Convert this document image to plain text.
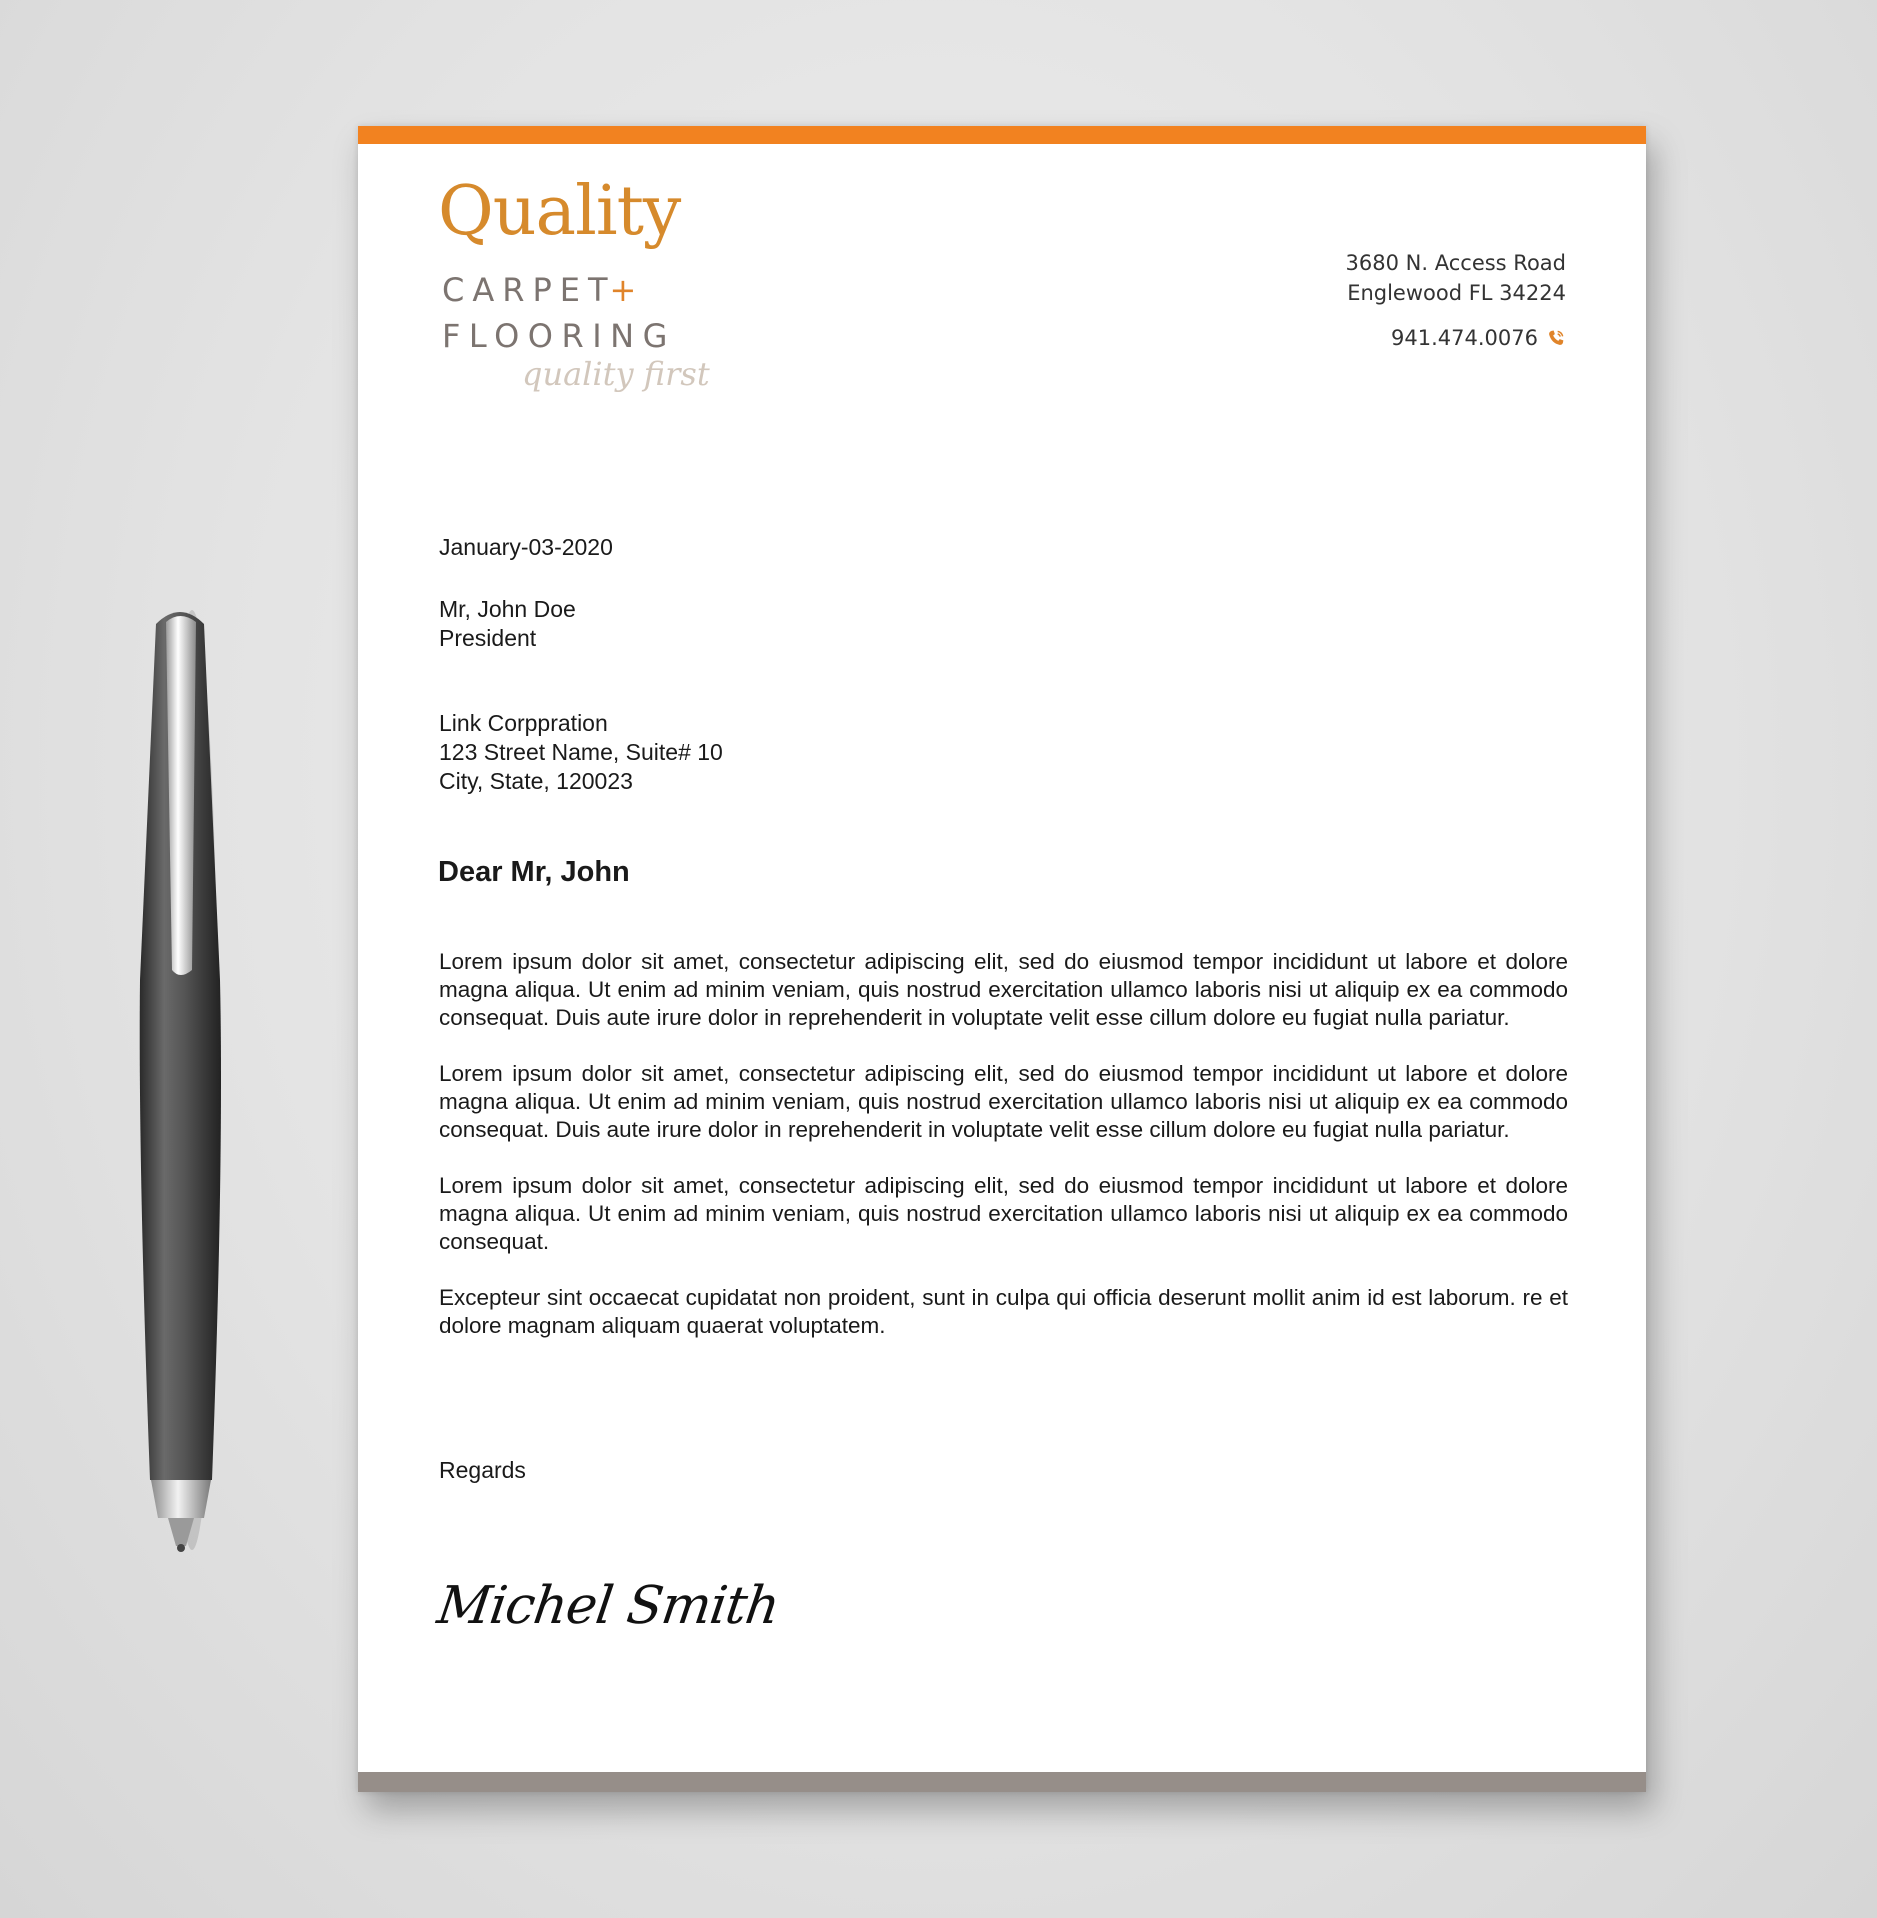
Quality
CARPET+
FLOORING
quality first
3680 N. Access Road
Englewood FL 34224
941.474.0076
January-03-2020
Mr, John Doe
President
Link Corppration
123 Street Name, Suite# 10
City, State, 120023
Dear Mr, John

Lorem ipsum dolor sit amet, consectetur adipiscing elit, sed do eiusmod tempor incididunt ut labore et dolore magna aliqua. Ut enim ad minim veniam, quis nostrud exercitation ullamco laboris nisi ut aliquip ex ea commodo consequat. Duis aute irure dolor in reprehenderit in voluptate velit esse cillum dolore eu fugiat nulla pariatur.

Lorem ipsum dolor sit amet, consectetur adipiscing elit, sed do eiusmod tempor incididunt ut labore et dolore magna aliqua. Ut enim ad minim veniam, quis nostrud exercitation ullamco laboris nisi ut aliquip ex ea commodo consequat. Duis aute irure dolor in reprehenderit in voluptate velit esse cillum dolore eu fugiat nulla pariatur.

Lorem ipsum dolor sit amet, consectetur adipiscing elit, sed do eiusmod tempor incididunt ut labore et dolore magna aliqua. Ut enim ad minim veniam, quis nostrud exercitation ullamco laboris nisi ut aliquip ex ea commodo consequat.

Excepteur sint occaecat cupidatat non proident, sunt in culpa qui officia deserunt mollit anim id est laborum. re et dolore magnam aliquam quaerat voluptatem.

Regards
Michel Smith
